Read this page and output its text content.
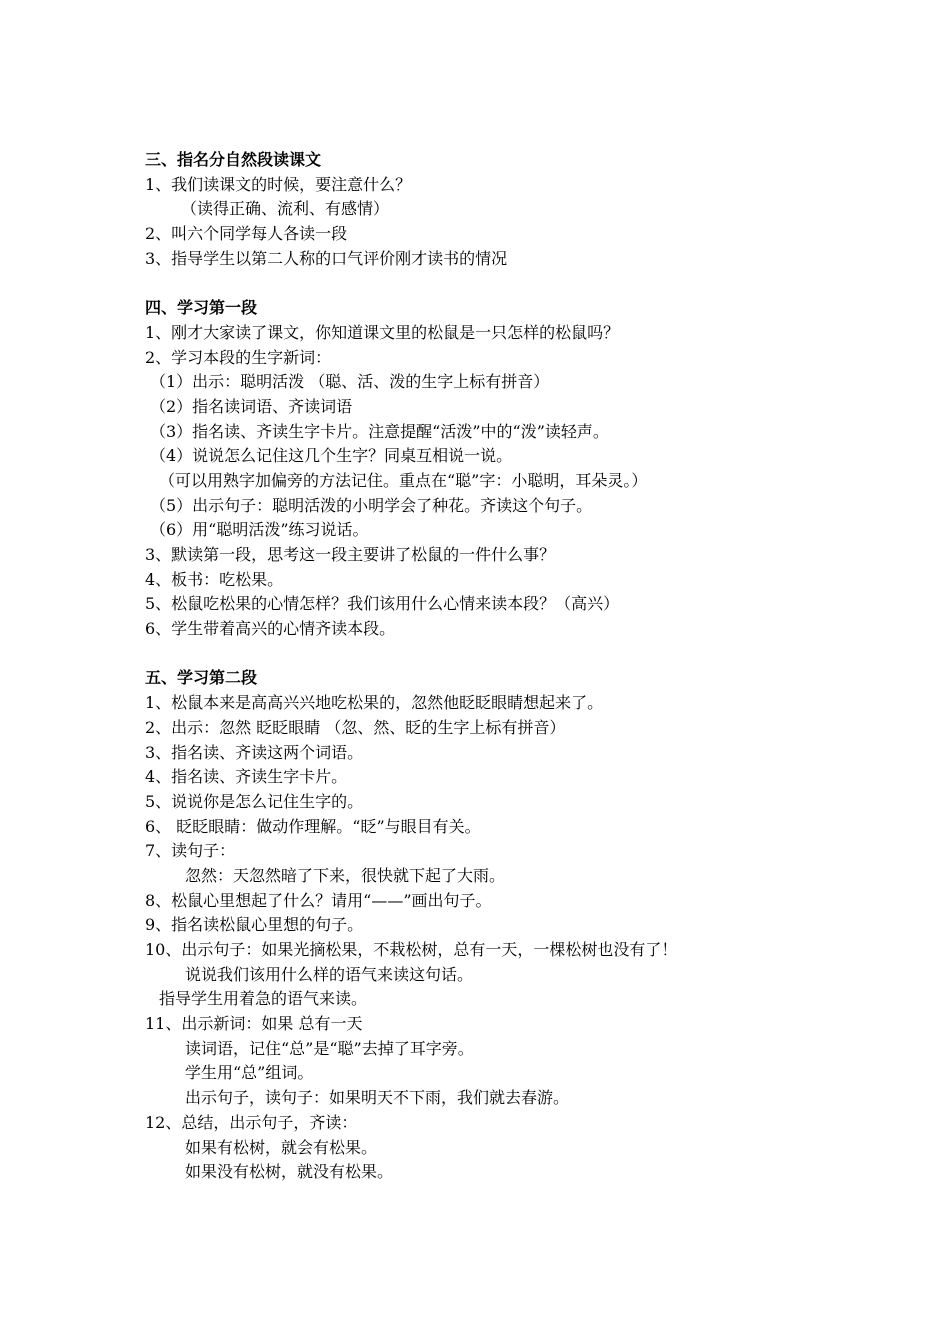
三、指名分自然段读课文

1、我们读课文的时候，要注意什么？

（读得正确、流利、有感情）

2、叫六个同学每人各读一段

3、指导学生以第二人称的口气评价刚才读书的情况

四、学习第一段

1、刚才大家读了课文，你知道课文里的松鼠是一只怎样的松鼠吗？

2、学习本段的生字新词：

（1）出示：聪明活泼 （聪、活、泼的生字上标有拼音）

（2）指名读词语、齐读词语

（3）指名读、齐读生字卡片。注意提醒“活泼”中的“泼”读轻声。

（4）说说怎么记住这几个生字？同桌互相说一说。

（可以用熟字加偏旁的方法记住。重点在“聪”字：小聪明，耳朵灵。）

（5）出示句子：聪明活泼的小明学会了种花。齐读这个句子。

（6）用“聪明活泼”练习说话。

3、默读第一段，思考这一段主要讲了松鼠的一件什么事？

4、板书：吃松果。

5、松鼠吃松果的心情怎样？我们该用什么心情来读本段？（高兴）

6、学生带着高兴的心情齐读本段。

五、学习第二段

1、松鼠本来是高高兴兴地吃松果的，忽然他眨眨眼睛想起来了。

2、出示：忽然 眨眨眼睛 （忽、然、眨的生字上标有拼音）

3、指名读、齐读这两个词语。

4、指名读、齐读生字卡片。

5、说说你是怎么记住生字的。

6、 眨眨眼睛：做动作理解。“眨”与眼目有关。

7、读句子：

忽然：天忽然暗了下来，很快就下起了大雨。

8、松鼠心里想起了什么？请用“——”画出句子。

9、指名读松鼠心里想的句子。

10、出示句子：如果光摘松果，不栽松树，总有一天，一棵松树也没有了！

说说我们该用什么样的语气来读这句话。

指导学生用着急的语气来读。

11、出示新词：如果 总有一天

读词语，记住“总”是“聪”去掉了耳字旁。

学生用“总”组词。

出示句子，读句子：如果明天不下雨，我们就去春游。

12、总结，出示句子，齐读：

如果有松树，就会有松果。

如果没有松树，就没有松果。
